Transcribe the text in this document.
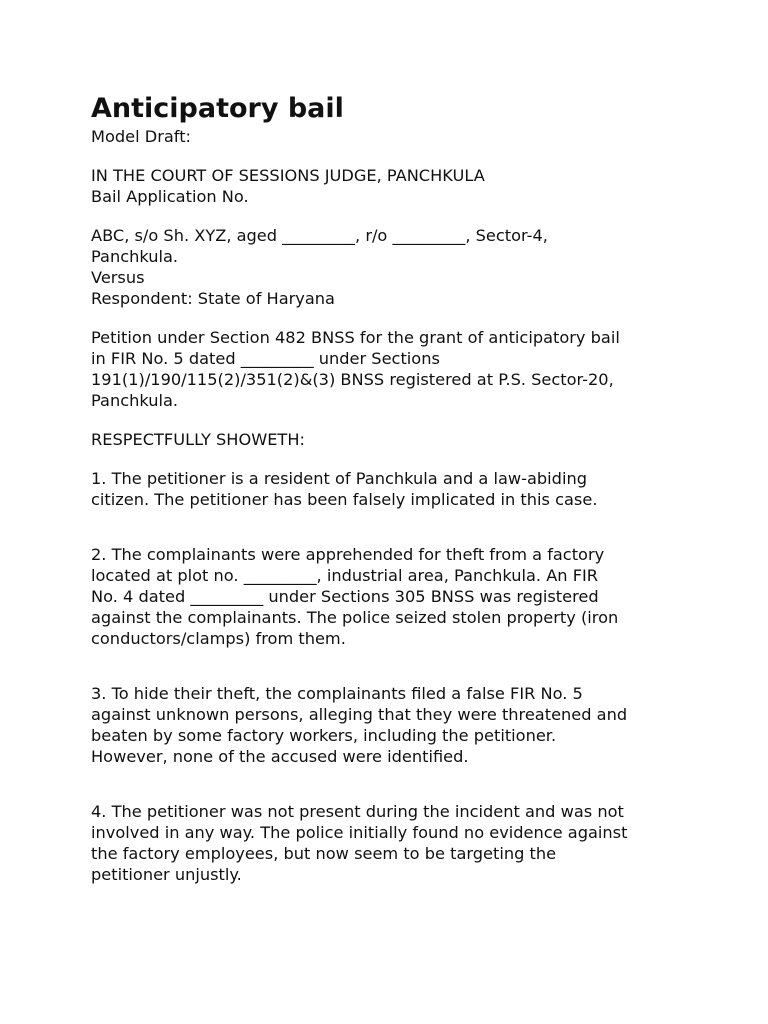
Anticipatory bail
Model Draft:
IN THE COURT OF SESSIONS JUDGE, PANCHKULA
Bail Application No.
ABC, s/o Sh. XYZ, aged _________, r/o _________, Sector-4,
Panchkula.
Versus
Respondent: State of Haryana
Petition under Section 482 BNSS for the grant of anticipatory bail
in FIR No. 5 dated _________ under Sections
191(1)/190/115(2)/351(2)&(3) BNSS registered at P.S. Sector-20,
Panchkula.
RESPECTFULLY SHOWETH:
1. The petitioner is a resident of Panchkula and a law-abiding
citizen. The petitioner has been falsely implicated in this case.
2. The complainants were apprehended for theft from a factory
located at plot no. _________, industrial area, Panchkula. An FIR
No. 4 dated _________ under Sections 305 BNSS was registered
against the complainants. The police seized stolen property (iron
conductors/clamps) from them.
3. To hide their theft, the complainants filed a false FIR No. 5
against unknown persons, alleging that they were threatened and
beaten by some factory workers, including the petitioner.
However, none of the accused were identified.
4. The petitioner was not present during the incident and was not
involved in any way. The police initially found no evidence against
the factory employees, but now seem to be targeting the
petitioner unjustly.
